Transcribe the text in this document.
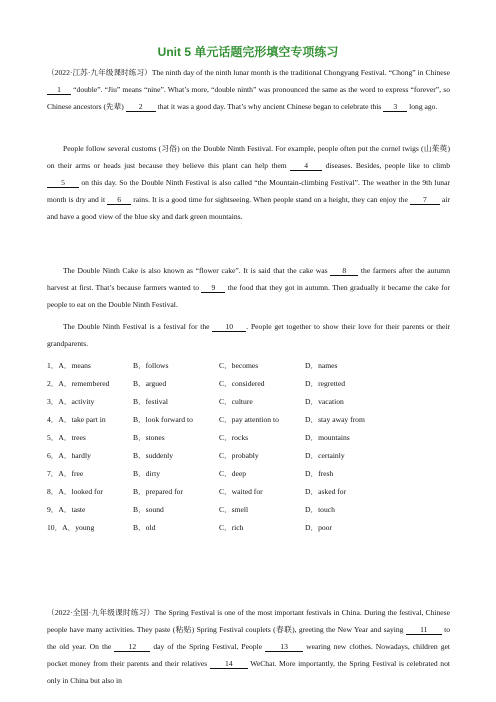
Unit 5 单元话题完形填空专项练习

（2022·江苏·九年级课时练习）The ninth day of the ninth lunar month is the traditional Chongyang Festival. “Chong” in Chinese 1 “double”. “Jiu” means “nine”. What’s more, “double ninth” was pronounced the same as the word to express “forever”, so Chinese ancestors (先辈) 2 that it was a good day. That’s why ancient Chinese began to celebrate this 3 long ago.

People follow several customs (习俗) on the Double Ninth Festival. For example, people often put the cornel twigs (山茱萸) on their arms or heads just because they believe this plant can help them 4 diseases. Besides, people like to climb 5 on this day. So the Double Ninth Festival is also called “the Mountain-climbing Festival”. The weather in the 9th lunar month is dry and it 6 rains. It is a good time for sightseeing. When people stand on a height, they can enjoy the 7 air and have a good view of the blue sky and dark green mountains.

The Double Ninth Cake is also known as “flower cake”. It is said that the cake was 8 the farmers after the autumn harvest at first. That’s because farmers wanted to 9 the food that they got in autumn. Then gradually it became the cake for people to eat on the Double Ninth Festival.

The Double Ninth Festival is a festival for the 10 . People get together to show their love for their parents or their grandparents.

1．A．means	B．follows	C．becomes	D．names
2．A．remembered	B．argued	C．considered	D．regretted
3．A．activity	B．festival	C．culture	D．vacation
4．A．take part in	B．look forward to	C．pay attention to	D．stay away from
5．A．trees	B．stones	C．rocks	D．mountains
6．A．hardly	B．suddenly	C．probably	D．certainly
7．A．free	B．dirty	C．deep	D．fresh
8．A．looked for	B．prepared for	C．waited for	D．asked for
9．A．taste	B．sound	C．smell	D．touch
10．A．young	B．old	C．rich	D．poor

（2022·全国·九年级课时练习）The Spring Festival is one of the most important festivals in China. During the festival, Chinese people have many activities. They paste (粘贴) Spring Festival couplets (春联), greeting the New Year and saying 11 to the old year. On the 12 day of the Spring Festival, People 13 wearing new clothes. Nowadays, children get pocket money from their parents and their relatives 14 WeChat. More importantly, the Spring Festival is celebrated not only in China but also in
